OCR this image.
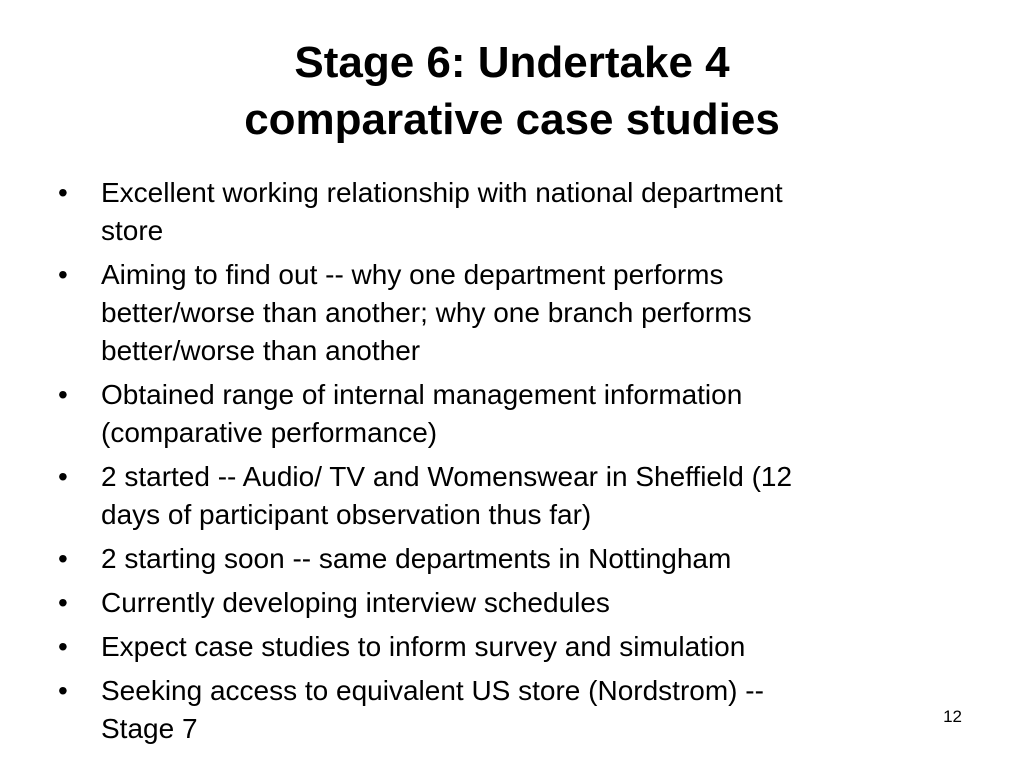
Stage 6: Undertake 4
comparative case studies
•	Excellent working relationship with national department
store
•	Aiming to find out -- why one department performs
better/worse than another; why one branch performs
better/worse than another
•	Obtained range of internal management information
(comparative performance)
•	2 started -- Audio/ TV and Womenswear in Sheffield (12
days of participant observation thus far)
•	2 starting soon -- same departments in Nottingham
•	Currently developing interview schedules
•	Expect case studies to inform survey and simulation
•	Seeking access to equivalent US store (Nordstrom) --
Stage 7	12
